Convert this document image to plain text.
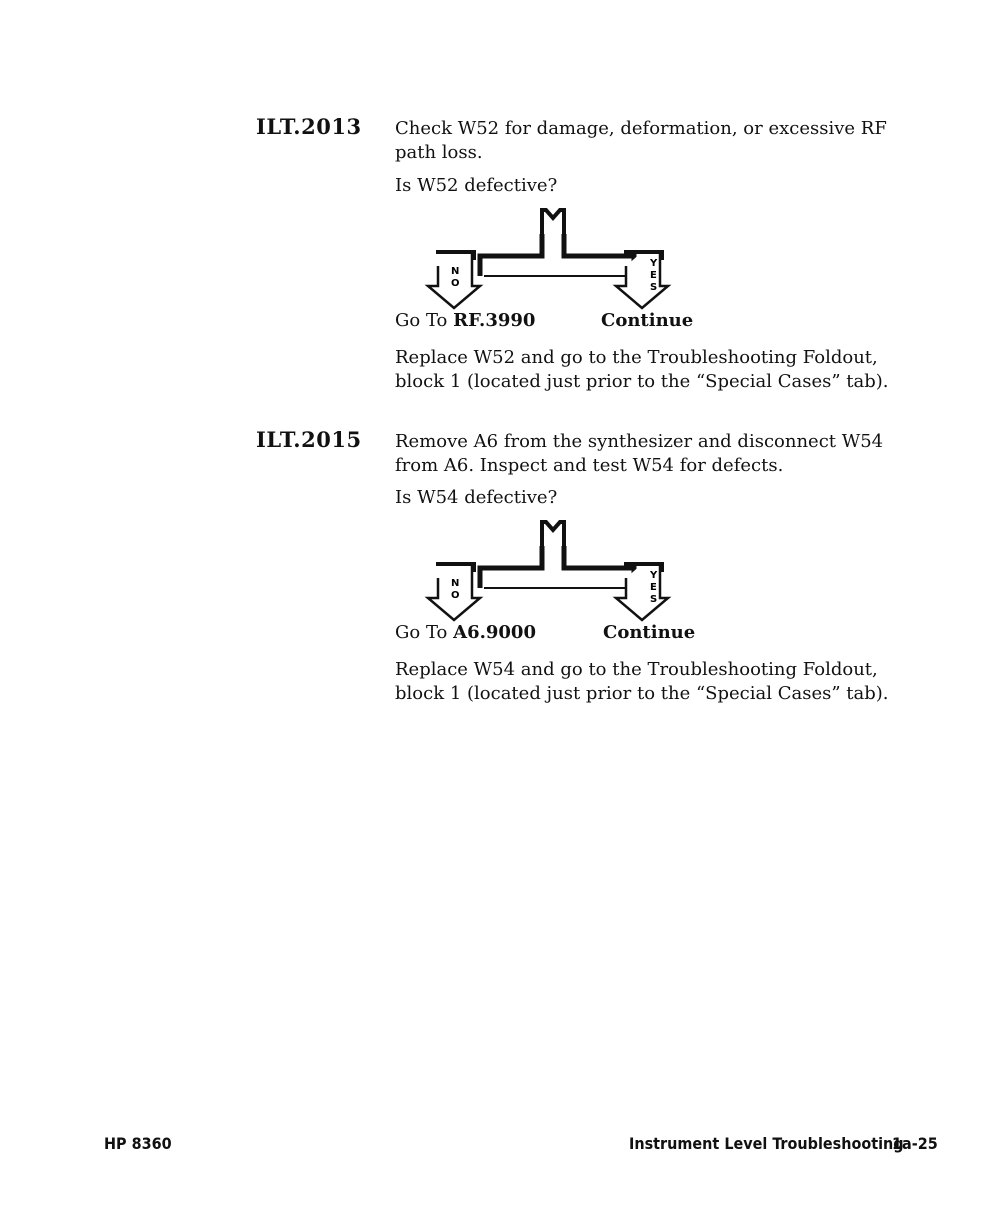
ILT.2013 Check W52 for damage, deformation, or excessive RF path loss.

Is W52 defective?

N
O
Y
E
S
Go To RF.3990	Continue

Replace W52 and go to the Troubleshooting Foldout, block 1 (located just prior to the “Special Cases” tab).

ILT.2015 Remove A6 from the synthesizer and disconnect W54 from A6. Inspect and test W54 for defects.

Is W54 defective?

N
O
Y
E
S
Go To A6.9000	Continue

Replace W54 and go to the Troubleshooting Foldout, block 1 (located just prior to the “Special Cases” tab).

HP 8360	Instrument Level Troubleshooting
1a-25
